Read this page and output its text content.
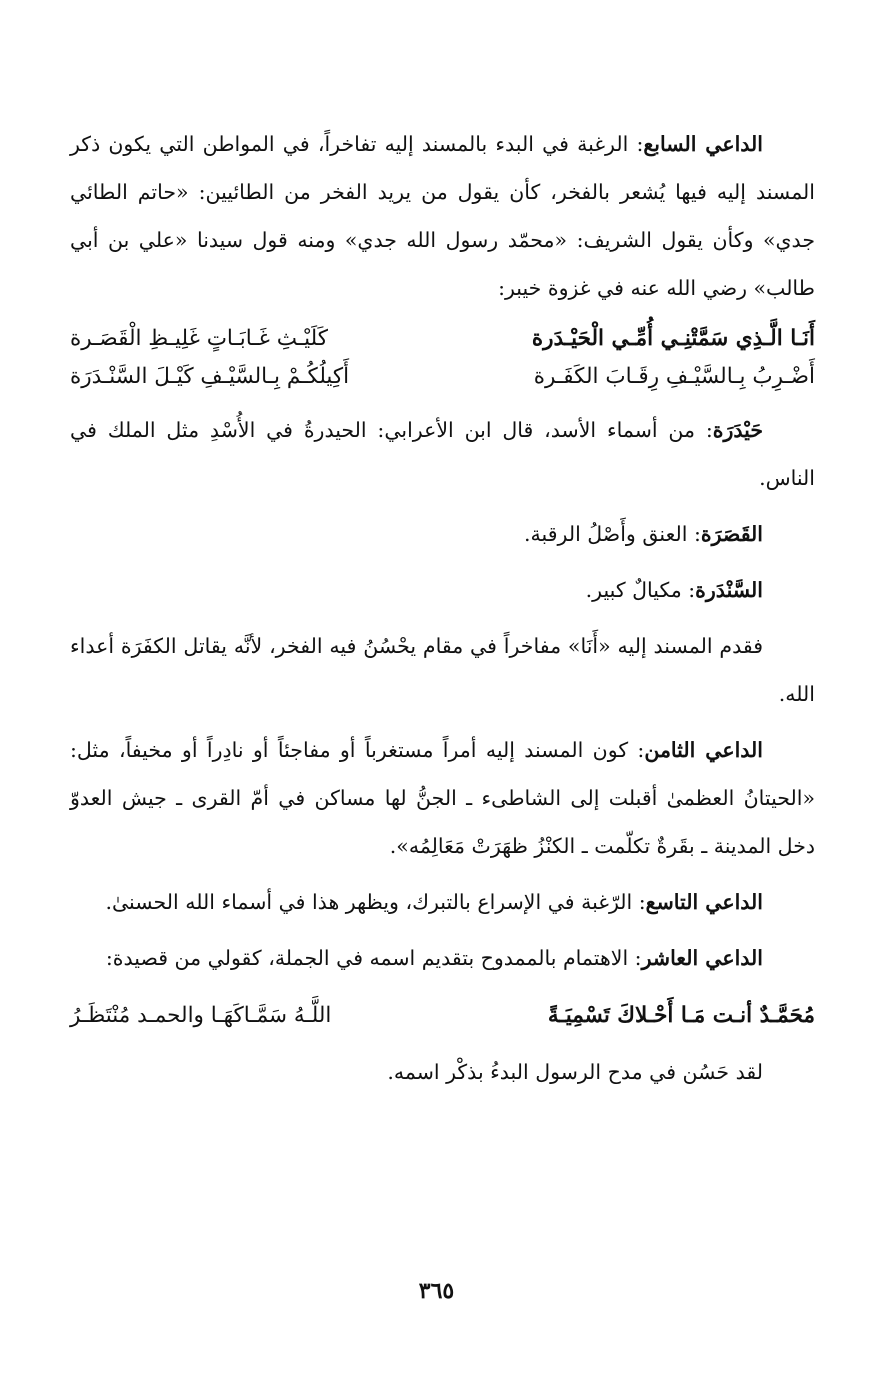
الداعي السابع: الرغبة في البدء بالمسند إليه تفاخراً، في المواطن التي يكون ذكر المسند إليه فيها يُشعر بالفخر، كأن يقول من يريد الفخر من الطائيين: «حاتم الطائي جدي» وكأن يقول الشريف: «محمّد رسول الله جدي» ومنه قول سيدنا «علي بن أبي طالب» رضي الله عنه في غزوة خيبر:

أَنَـا الَّـذِي سَمَّتْنِـي أُمِّـي الْحَيْـدَرة
كَلَيْـثِ غَـابَـاتٍ غَلِيـظِ الْقَصَـرة
أَضْـرِبُ بِـالسَّيْـفِ رِقَـابَ الكَفَـرة
أَكِيلُكُـمْ بِـالسَّيْـفِ كَيْـلَ السَّنْـدَرَة

حَيْدَرَة: من أسماء الأسد، قال ابن الأعرابي: الحيدرةُ في الأُسْدِ مثل الملك في الناس.

القَصَرَة: العنق وأَصْلُ الرقبة.

السَّنْدَرة: مكيالٌ كبير.

فقدم المسند إليه «أَنَا» مفاخراً في مقام يحْسُنُ فيه الفخر، لأنَّه يقاتل الكفَرَة أعداء الله.

الداعي الثامن: كون المسند إليه أمراً مستغرباً أو مفاجئاً أو نادِراً أو مخيفاً، مثل: «الحيتانُ العظمىٰ أقبلت إلى الشاطىء ـ الجنُّ لها مساكن في أمّ القرى ـ جيش العدوّ دخل المدينة ـ بقَرةٌ تكلّمت ـ الكنْزُ ظهَرَتْ مَعَالِمُه».

الداعي التاسع: الرّغبة في الإسراع بالتبرك، ويظهر هذا في أسماء الله الحسنىٰ.

الداعي العاشر: الاهتمام بالممدوح بتقديم اسمه في الجملة، كقولي من قصيدة:

مُحَمَّـدٌ أنـت مَـا أَحْـلاكَ تَسْمِيَـةً
اللَّـهُ سَمَّـاكَهَـا والحمـد مُنْتَظَـرُ

لقد حَسُن في مدح الرسول البدءُ بذكْر اسمه.

٣٦٥
